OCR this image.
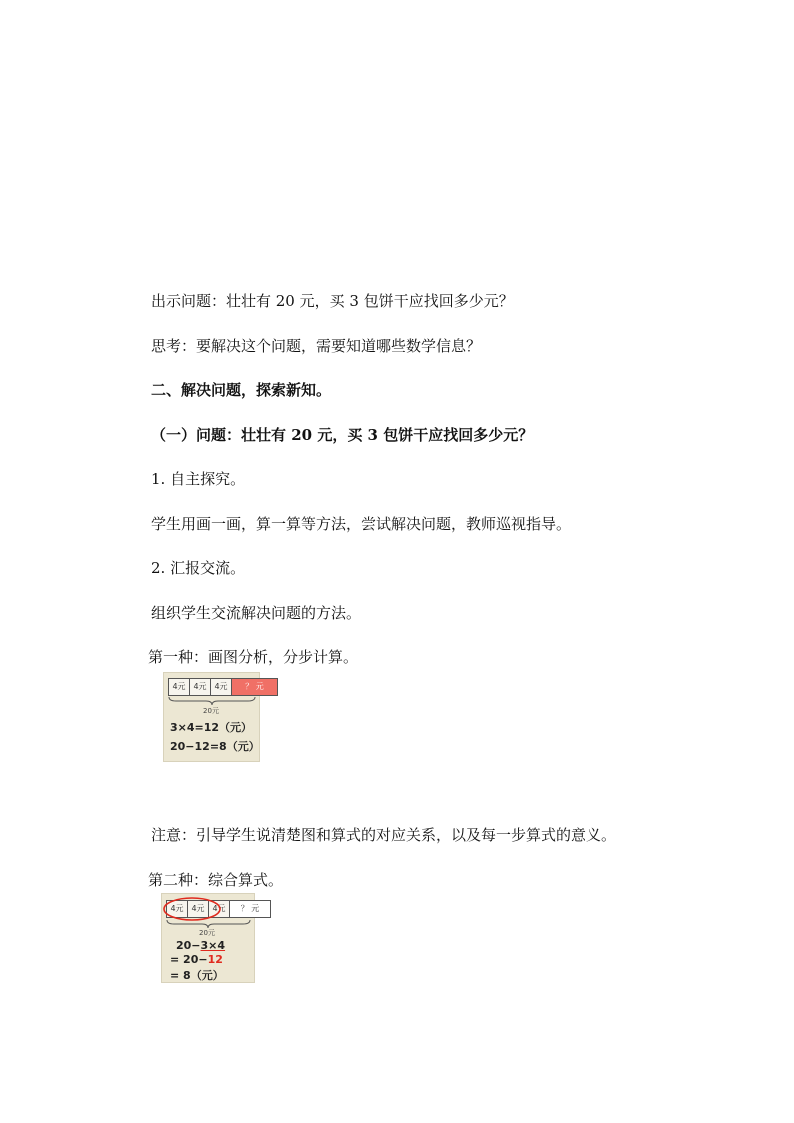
出示问题：壮壮有 20 元，买 3 包饼干应找回多少元？
思考：要解决这个问题，需要知道哪些数学信息？
二、解决问题，探索新知。
（一）问题：壮壮有 20 元，买 3 包饼干应找回多少元？
1. 自主探究。
学生用画一画，算一算等方法，尝试解决问题，教师巡视指导。
2. 汇报交流。
组织学生交流解决问题的方法。
第一种：画图分析，分步计算。
4元 4元 4元	？ 元
20元
3×4=12（元）
20−12=8（元）
注意：引导学生说清楚图和算式的对应关系，以及每一步算式的意义。
第二种：综合算式。
4元 4元 4元	？ 元
20元
20−3×4
= 20−12
= 8（元）
